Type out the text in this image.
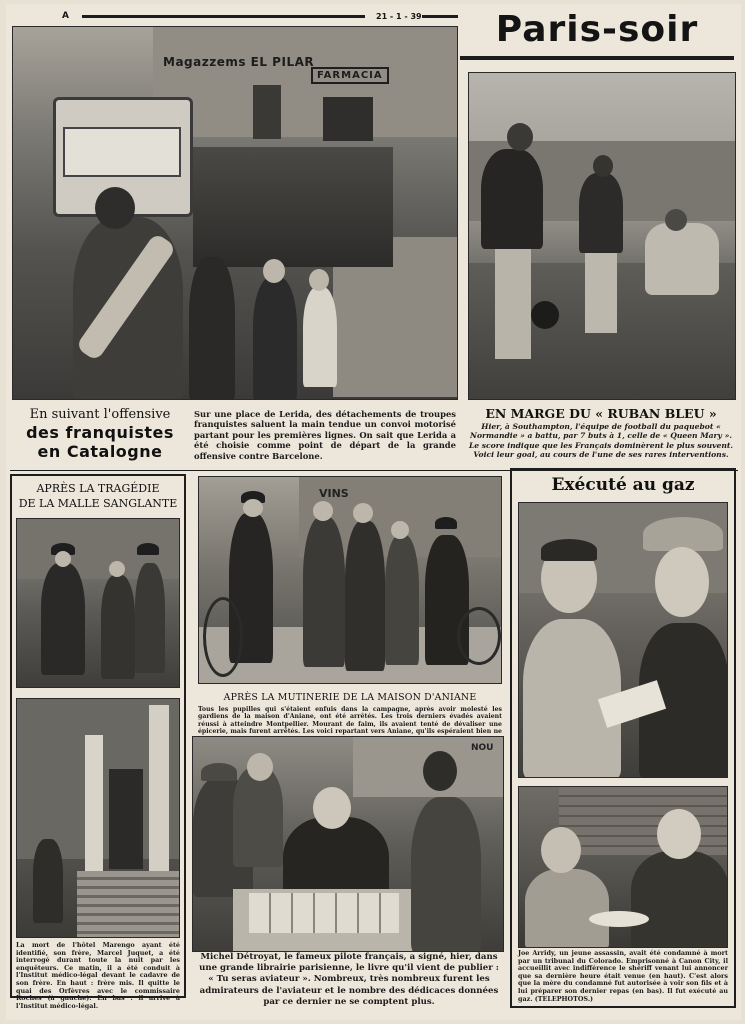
A	21 - 1 - 39	Paris-soir
Magazzems EL PILAR
FARMACIA
En suivant l'offensive
des franquistes
en Catalogne
Sur une place de Lerida, des détachements de troupes franquistes saluent la main tendue un convoi motorisé partant pour les premières lignes. On sait que Lerida a été choisie comme point de départ de la grande offensive contre Barcelone.
EN MARGE DU « RUBAN BLEU »
Hier, à Southampton, l'équipe de football du paquebot « Normandie » a battu, par 7 buts à 1, celle de « Queen Mary ». Le score indique que les Français dominèrent le plus souvent. Voici leur goal, au cours de l'une de ses rares interventions.
APRÈS LA TRAGÉDIE
DE LA MALLE SANGLANTE
La mort de l'hôtel Marengo ayant été identifié, son frère, Marcel Juquet, a été interrogé durant toute la nuit par les enquêteurs. Ce matin, il a été conduit à l'Institut médico-légal devant le cadavre de son frère. En haut : frère mis. Il quitte le quai des Orfèvres avec le commissaire Roches (à gauche). En bas : il arrive à l'Institut médico-légal.
VINS
APRÈS LA MUTINERIE DE LA MAISON D'ANIANE
Tous les pupilles qui s'étaient enfuis dans la campagne, après avoir molesté les gardiens de la maison d'Aniane, ont été arrêtés. Les trois derniers évadés avaient réussi à atteindre Montpellier. Mourant de faim, ils avaient tenté de dévaliser une épicerie, mais furent arrêtés. Les voici repartant vers Aniane, qu'ils espéraient bien ne
NOU
Michel Détroyat, le fameux pilote français, a signé, hier, dans une grande librairie parisienne, le livre qu'il vient de publier : « Tu seras aviateur ». Nombreux, très nombreux furent les admirateurs de l'aviateur et le nombre des dédicaces données par ce dernier ne se comptent plus.
Exécuté au gaz
Joe Arridy, un jeune assassin, avait été condamné à mort par un tribunal du Colorado. Emprisonné à Canon City, il accueillit avec indifférence le shériff venant lui annoncer que sa dernière heure était venue (en haut). C'est alors que la mère du condamné fut autorisée à voir son fils et à lui préparer son dernier repas (en bas). Il fut exécuté au gaz. (TELEPHOTOS.)
